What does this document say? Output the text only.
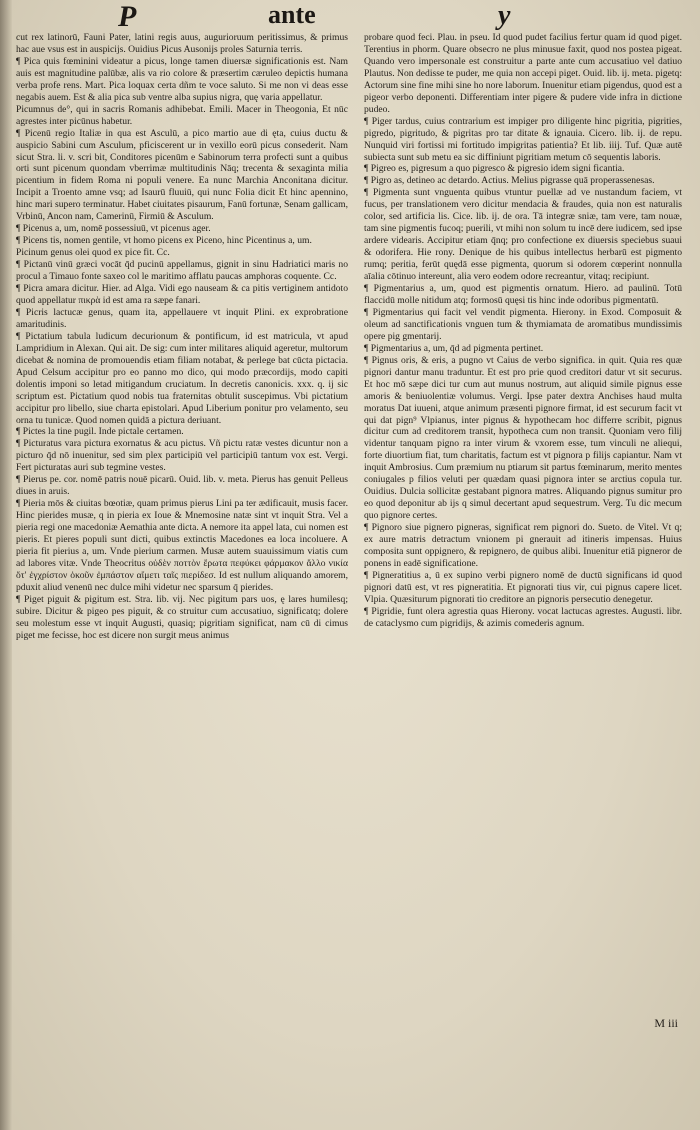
P	ante	y

cut rex latinorū, Fauni Pater, latini regis auus, augurioruum peritissimus, & primus hac aue vsus est in auspicijs. Ouidius Picus Ausonijs proles Saturnia terris.

¶ Pica quis fœminini videatur a picus, longe tamen diuersæ significationis est. Nam auis est magnitudine palūbæ, alis va rio colore & præsertim cæruleo depictis humana verba profe rens. Mart. Pica loquax certa dñm te voce saluto. Si me non vi deas esse negabis auem. Est & alia pica sub ventre alba supius nigra, quę varia appellatur.

Picumnus de°, qui in sacris Romanis adhibebat. Emili. Macer in Theogonia, Et nūc agrestes inter picūnus habetur.

¶ Picenū regio Italiæ in qua est Asculū, a pico martio aue di ęta, cuius ductu & auspicio Sabini cum Asculum, pficiscerent ur in vexillo eorū picus consederit. Nam sicut Stra. li. v. scri bit, Conditores picenūm e Sabinorum terra profecti sunt a quibus orti sunt picenum quondam vberrimæ multitudinis Nāq; trecenta & sexaginta milia picentium in fidem Roma ni populi venere. Ea nunc Marchia Anconitana dicitur. Incipit a Troento amne vsq; ad Isaurū fluuiū, qui nunc Folia dicit Et hinc apennino, hinc mari supero terminatur. Habet ciuitates pisaurum, Fanū fortunæ, Senam gallicam, Vrbinū, Ancon nam, Camerinū, Firmiū & Asculum.

¶ Picenus a, um, nomē possessiuū, vt picenus ager.

¶ Picens tis, nomen gentile, vt homo picens ex Piceno, hinc Picentinus a, um.

Picinum genus olei quod ex pice fit. Cc.

¶ Pictanū vinū græci vocāt q̄d pucinū appellamus, gignit in sinu Hadriatici maris no procul a Timauo fonte saxeo col le maritimo afflatu paucas amphoras coquente. Cc.

¶ Picra amara dicitur. Hier. ad Alga. Vidi ego nauseam & ca pitis vertiginem antidoto quod appellatur πικρὰ id est ama ra sæpe fanari.

¶ Picris lactucæ genus, quam ita, appellauere vt inquit Plini. ex exprobratione amaritudinis.

¶ Pictatium tabula ludicum decurionum & pontificum, id est matricula, vt apud Lampridium in Alexan. Qui ait. De sig: cum inter militares aliquid ageretur, multorum dicebat & nomina de promouendis etiam filiam notabat, & perlege bat cūcta pictacia. Apud Celsum accipitur pro eo panno mo dico, qui modo præcordijs, modo capiti dolentis imponi so letad mitigandum cruciatum. In decretis canonicis. xxx. q. ij sic scriptum est. Pictatium quod nobis tua fraternitas obtulit suscepimus. Vbi pictatium accipitur pro libello, siue charta epistolari. Apud Liberium ponitur pro velamento, seu orna tu tunicæ. Quod nomen quidā a pictura deriuant.

¶ Pictes la tine pugil. Inde pictale certamen.

¶ Picturatus vara pictura exornatus & acu pictus. Vñ pictu ratæ vestes dicuntur non a picturo q̄d nō inuenitur, sed sim plex participiū vel participiū tantum vox est. Vergi. Fert picturatas auri sub tegmine vestes.

¶ Pierus pe. cor. nomē patris nouē picarū. Ouid. lib. v. meta. Pierus has genuit Pelleus diues in aruis.

¶ Pieria mōs & ciuitas bœotiæ, quam primus pierus Lini pa ter ædificauit, musis facer. Hinc pierides musæ, q in pieria ex Ioue & Mnemosine natæ sint vt inquit Stra. Vel a pieria regi one macedoniæ Aemathia ante dicta. A nemore ita appel lata, cui nomen est pieris. Et pieres populi sunt dicti, quibus extinctis Macedones ea loca incoluere. A pieria fit pierius a, um. Vnde pierium carmen. Musæ autem suauissimum viatis cum ad labores vitæ. Vnde Theocritus οὐδὲν ποττὸν ἔρωτα πεφύκει φάρμακον ἄλλο νικία ὅτ' ἐγχρίστον ὁκοῦν ἐμπάστον αἴμετι ταῖς πιερίδεσ. Id est nullum aliquando amorem, pduxit aliud venenū nec dulce mihi videtur nec sparsum q̄ pierides.

¶ Piget piguit & pigitum est. Stra. lib. vij. Nec pigitum pars uos, ę lares humilesq; subire. Dicitur & pigeo pes piguit, & co struitur cum accusatiuo, significatq; dolere seu molestum esse vt inquit Augusti, quasiq; pigritiam significat, nam cū di cimus piget me fecisse, hoc est dicere non surgit meus animus

probare quod feci. Plau. in pseu. Id quod pudet facilius fertur quam id quod piget. Terentius in phorm. Quare obsecro ne plus minusue faxit, quod nos postea pigeat. Quando vero impersonale est construitur a parte ante cum accusatiuo vel datiuo Plautus. Non dedisse te puder, me quia non accepi piget. Ouid. lib. ij. meta. pigetq: Actorum sine fine mihi sine ho nore laborum. Inuenitur etiam pigendus, quod est a pigeor verbo deponenti. Differentiam inter pigere & pudere vide infra in dictione pudeo.

¶ Piger tardus, cuius contrarium est impiger pro diligente hinc pigritia, pigrities, pigredo, pigritudo, & pigritas pro tar ditate & ignauia. Cicero. lib. ij. de repu. Nunquid viri fortissi mi fortitudo impigritas patientia? Et lib. iiij. Tuf. Quæ autē subiecta sunt sub metu ea sic diffiniunt pigritiam metum cō sequentis laboris.

¶ Pigreo es, pigresum a quo pigresco & pigresio idem signi ficantia.

¶ Pigro as, detineo ac detardo. Actius. Melius pigrasse quā properassenesas.

¶ Pigmenta sunt vnguenta quibus vtuntur puellæ ad ve nustandum faciem, vt fucus, per translationem vero dicitur mendacia & fraudes, quia non est naturalis color, sed artificia lis. Cice. lib. ij. de ora. Tā integræ sniæ, tam vere, tam nouæ, tam sine pigmentis fucoq; puerili, vt mihi non solum tu incē dere iudicem, sed ipse ardere videaris. Accipitur etiam q̄nq; pro confectione ex diuersis speciebus suaui & odorifera. Hie rony. Denique de his quibus intellectus herbarū est pigmento rumq; peritia, ferūt quędā esse pigmenta, quorum si odorem cœperint nonnulla aīalia cōtinuo intereunt, alia vero eodem odore recreantur, vitaq; recipiunt.

¶ Pigmentarius a, um, quod est pigmentis ornatum. Hiero. ad paulinū. Totū flaccidū molle nitidum atq; formosū quęsi tis hinc inde odoribus pigmentatū.

¶ Pigmentarius qui facit vel vendit pigmenta. Hierony. in Exod. Composuit & oleum ad sanctificationis vnguen tum & thymiamata de aromatibus mundissimis opere pig gmentarij.

¶ Pigmentarius a, um, q̄d ad pigmenta pertinet.

¶ Pignus oris, & eris, a pugno vt Caius de verbo significa. in quit. Quia res quæ pignori dantur manu traduntur. Et est pro prie quod creditori datur vt sit securus. Et hoc mō sæpe dici tur cum aut munus nostrum, aut aliquid simile pignus esse amoris & beniuolentiæ volumus. Vergi. Ipse pater dextra Anchises haud multa moratus Dat iuueni, atque animum præsenti pignore firmat, id est securum facit vt qui dat pign⁹ Vlpianus, inter pignus & hypothecam hoc differre scribit, pignus dicitur cum ad creditorem transit, hypotheca cum non transit. Quoniam vero filij videntur tanquam pigno ra inter virum & vxorem esse, tum vinculi ne aliequi, forte diuortium fiat, tum charitatis, factum est vt pignora p filijs capiantur. Nam vt inquit Ambrosius. Cum præmium nu ptiarum sit partus fœminarum, merito mentes coniugales p filios veluti per quædam quasi pignora inter se arctius copula tur. Ouidius. Dulcia sollicitæ gestabant pignora matres. Aliquando pignus sumitur pro eo quod deponitur ab ijs q simul decertant apud sequestrum. Verg. Tu dic mecum quo pignore certes.

¶ Pignoro siue pignero pigneras, significat rem pignori do. Sueto. de Vitel. Vt q; ex aure matris detractum vnionem pi gnerauit ad itineris impensas. Huius composita sunt oppignero, & repignero, de quibus alibi. Inuenitur etiā pigneror de ponens in eadē significatione.

¶ Pigneratitius a, ū ex supino verbi pignero nomē de ductū significans id quod pignori datū est, vt res pigneratitia. Et pignorati tius vir, cui pignus capere licet. Vlpia. Quæsiturum pignorati tio creditore an pignoris persecutio denegetur.

¶ Pigridie, funt olera agrestia quas Hierony. vocat lactucas agrestes. Augusti. libr. de cataclysmo cum pigridijs, & azimis comederis agnum.

M iii
